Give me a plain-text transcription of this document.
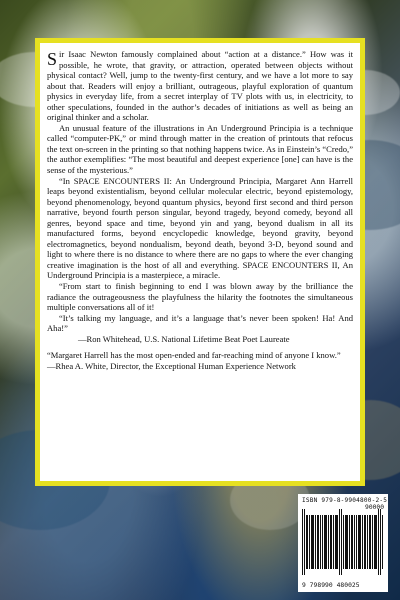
Sir Isaac Newton famously complained about “action at a distance.” How was it possible, he wrote, that gravity, or attraction, operated between objects without physical contact? Well, jump to the twenty-first century, and we have a lot more to say about that. Readers will enjoy a brilliant, outrageous, playful exploration of quantum physics in everyday life, from a secret interplay of TV plots with us, in electricity, to other speculations, founded in the author’s decades of initiations as well as being an original thinker and a scholar.

An unusual feature of the illustrations in An Underground Principia is a technique called “computer-PK,” or mind through matter in the creation of printouts that refocus the text on-screen in the printing so that nothing happens twice. As in Einstein’s “Credo,” the author exemplifies: “The most beautiful and deepest experience [one] can have is the sense of the mysterious.”

“In SPACE ENCOUNTERS II: An Underground Principia, Margaret Ann Harrell leaps beyond existentialism, beyond cellular molecular electric, beyond epistemology, beyond phenomenology, beyond quantum physics, beyond first second and third person narrative, beyond fourth person singular, beyond tragedy, beyond comedy, beyond all genres, beyond space and time, beyond yin and yang, beyond dualism in all its manufactured forms, beyond encyclopedic knowledge, beyond gravity, beyond electromagnetics, beyond nondualism, beyond death, beyond 3-D, beyond sound and light to where there is no distance to where there are no gaps to where the ever changing creative imagination is the host of all and everything. SPACE ENCOUNTERS II, An Underground Principia is a masterpiece, a miracle.

“From start to finish beginning to end I was blown away by the brilliance the radiance the outrageousness the playfulness the hilarity the footnotes the simultaneous multiple conversations all of it!

“It’s talking my language, and it’s a language that’s never been spoken! Ha! And Aha!”

—Ron Whitehead, U.S. National Lifetime Beat Poet Laureate

“Margaret Harrell has the most open-ended and far-reaching mind of anyone I know.”

—Rhea A. White, Director, the Exceptional Human Experience Network

ISBN 979-8-9904800-2-5
90000
9 798990 480025
